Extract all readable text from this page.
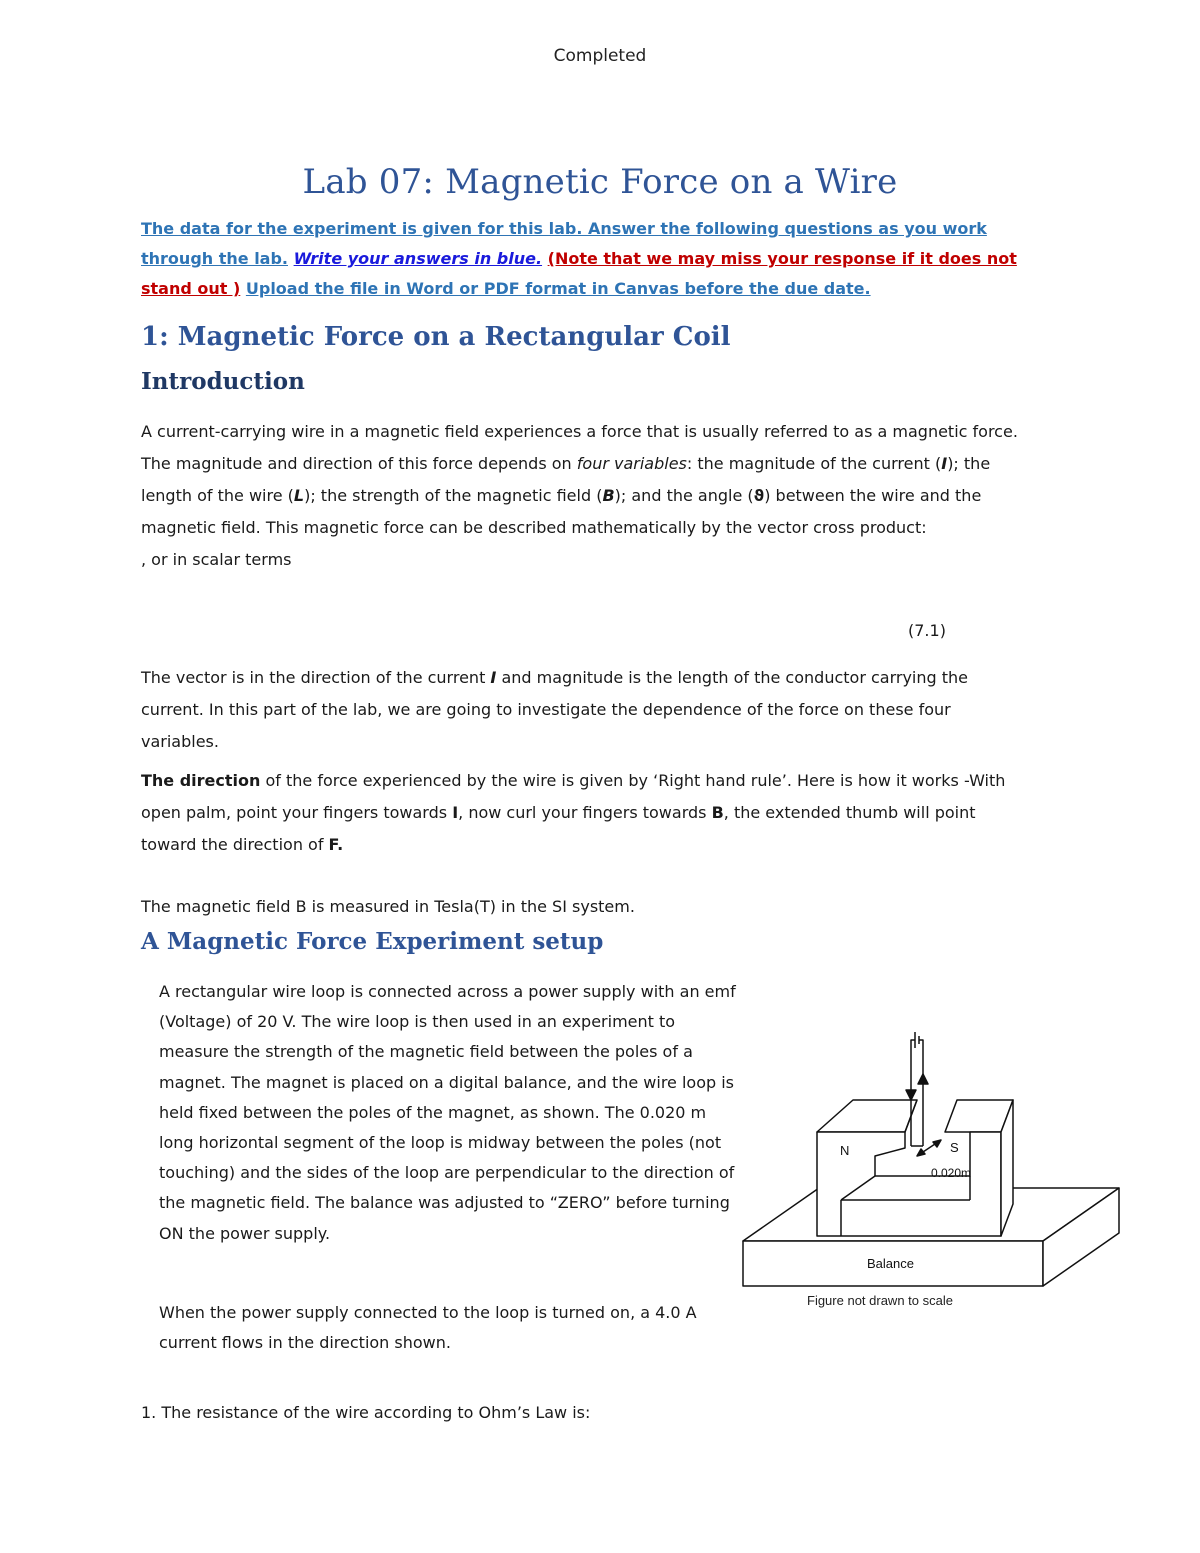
Completed
Lab 07: Magnetic Force on a Wire
The data for the experiment is given for this lab. Answer the following questions as you work through the lab. Write your answers in blue. (Note that we may miss your response if it does not stand out ) Upload the file in Word or PDF format in Canvas before the due date.
1: Magnetic Force on a Rectangular Coil
Introduction
A current-carrying wire in a magnetic field experiences a force that is usually referred to as a magnetic force. The magnitude and direction of this force depends on four variables: the magnitude of the current (I); the length of the wire (L); the strength of the magnetic field (B); and the angle (ϑ) between the wire and the magnetic field. This magnetic force can be described mathematically by the vector cross product:
, or in scalar terms
(7.1)
The vector is in the direction of the current I and magnitude is the length of the conductor carrying the current. In this part of the lab, we are going to investigate the dependence of the force on these four variables.
The direction of the force experienced by the wire is given by ‘Right hand rule’. Here is how it works -With open palm, point your fingers towards I, now curl your fingers towards B, the extended thumb will point toward the direction of F.
The magnetic field B is measured in Tesla(T) in the SI system.
A Magnetic Force Experiment setup
A rectangular wire loop is connected across a power supply with an emf (Voltage) of 20 V. The wire loop is then used in an experiment to measure the strength of the magnetic field between the poles of a magnet. The magnet is placed on a digital balance, and the wire loop is held fixed between the poles of the magnet, as shown. The 0.020 m long horizontal segment of the loop is midway between the poles (not touching) and the sides of the loop are perpendicular to the direction of the magnetic field. The balance was adjusted to “ZERO” before turning ON the power supply.
When the power supply connected to the loop is turned on, a 4.0 A current flows in the direction shown.
N	S
0.020m
Balance
Figure not drawn to scale
1. The resistance of the wire according to Ohm’s Law is:
